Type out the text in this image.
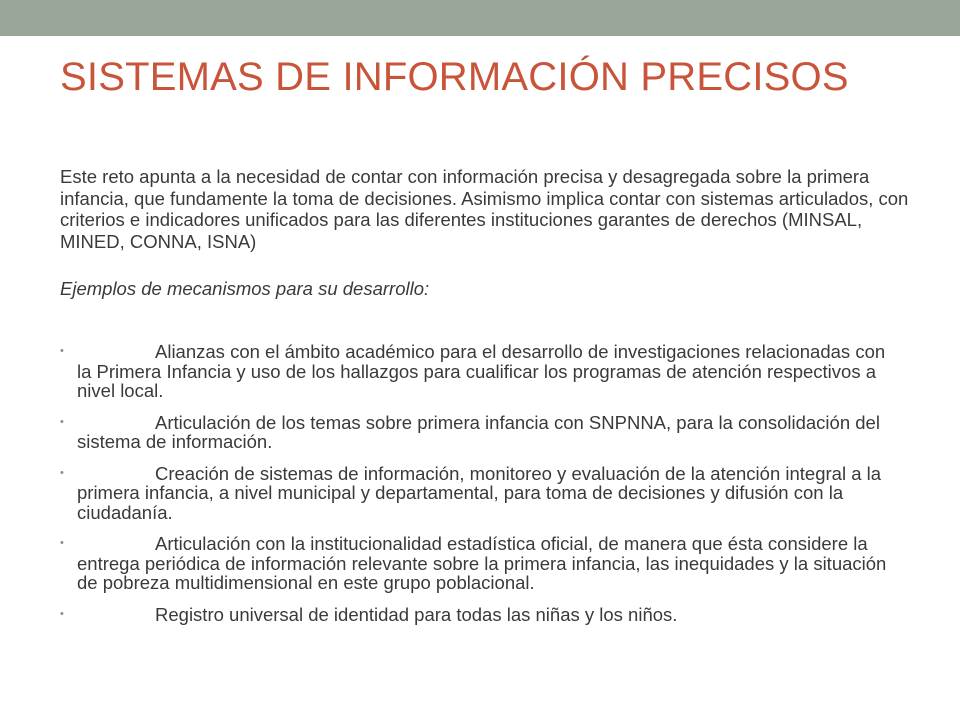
SISTEMAS DE INFORMACIÓN PRECISOS

Este reto apunta a la necesidad de contar con información precisa y desagregada sobre la primera infancia, que fundamente la toma de decisiones. Asimismo implica contar con sistemas articulados, con criterios e indicadores unificados para las diferentes instituciones garantes de derechos (MINSAL, MINED, CONNA, ISNA)

Ejemplos de mecanismos para su desarrollo:

•	Alianzas con el ámbito académico para el desarrollo de investigaciones relacionadas con la Primera Infancia y uso de los hallazgos para cualificar los programas de atención respectivos a nivel local.
•	Articulación de los temas sobre primera infancia con SNPNNA, para la consolidación del sistema de información.
•	Creación de sistemas de información, monitoreo y evaluación de la atención integral a la primera infancia, a nivel municipal y departamental, para toma de decisiones y difusión con la ciudadanía.
•	Articulación con la institucionalidad estadística oficial, de manera que ésta considere la entrega periódica de información relevante sobre la primera infancia, las inequidades y la situación de pobreza multidimensional en este grupo poblacional.
•	Registro universal de identidad para todas las niñas y los niños.
